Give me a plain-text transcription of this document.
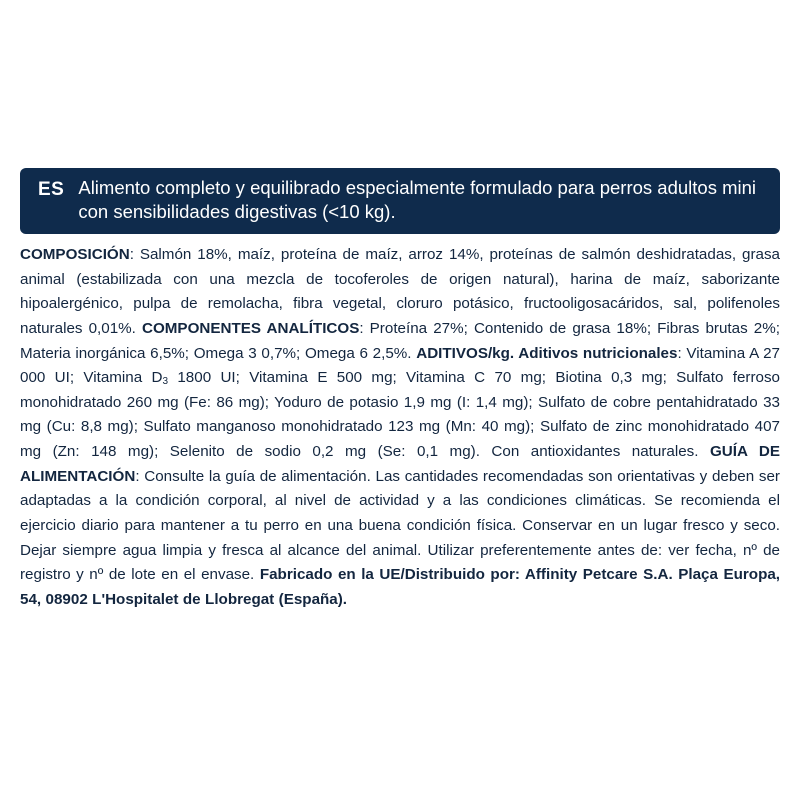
ES Alimento completo y equilibrado especialmente formulado para perros adultos mini con sensibilidades digestivas (<10 kg).
COMPOSICIÓN: Salmón 18%, maíz, proteína de maíz, arroz 14%, proteínas de salmón deshidratadas, grasa animal (estabilizada con una mezcla de tocoferoles de origen natural), harina de maíz, saborizante hipoalergénico, pulpa de remolacha, fibra vegetal, cloruro potásico, fructooligosacáridos, sal, polifenoles naturales 0,01%. COMPONENTES ANALÍTICOS: Proteína 27%; Contenido de grasa 18%; Fibras brutas 2%; Materia inorgánica 6,5%; Omega 3 0,7%; Omega 6 2,5%. ADITIVOS/kg. Aditivos nutricionales: Vitamina A 27 000 UI; Vitamina $D_3$ 1800 UI; Vitamina E 500 mg; Vitamina C 70 mg; Biotina 0,3 mg; Sulfato ferroso monohidratado 260 mg (Fe: 86 mg); Yoduro de potasio 1,9 mg (I: 1,4 mg); Sulfato de cobre pentahidratado 33 mg (Cu: 8,8 mg); Sulfato manganoso monohidratado 123 mg (Mn: 40 mg); Sulfato de zinc monohidratado 407 mg (Zn: 148 mg); Selenito de sodio 0,2 mg (Se: 0,1 mg). Con antioxidantes naturales. GUÍA DE ALIMENTACIÓN: Consulte la guía de alimentación. Las cantidades recomendadas son orientativas y deben ser adaptadas a la condición corporal, al nivel de actividad y a las condiciones climáticas. Se recomienda el ejercicio diario para mantener a tu perro en una buena condición física. Conservar en un lugar fresco y seco. Dejar siempre agua limpia y fresca al alcance del animal. Utilizar preferentemente antes de: ver fecha, nº de registro y nº de lote en el envase. Fabricado en la UE/Distribuido por: Affinity Petcare S.A. Plaça Europa, 54, 08902 L'Hospitalet de Llobregat (España).
